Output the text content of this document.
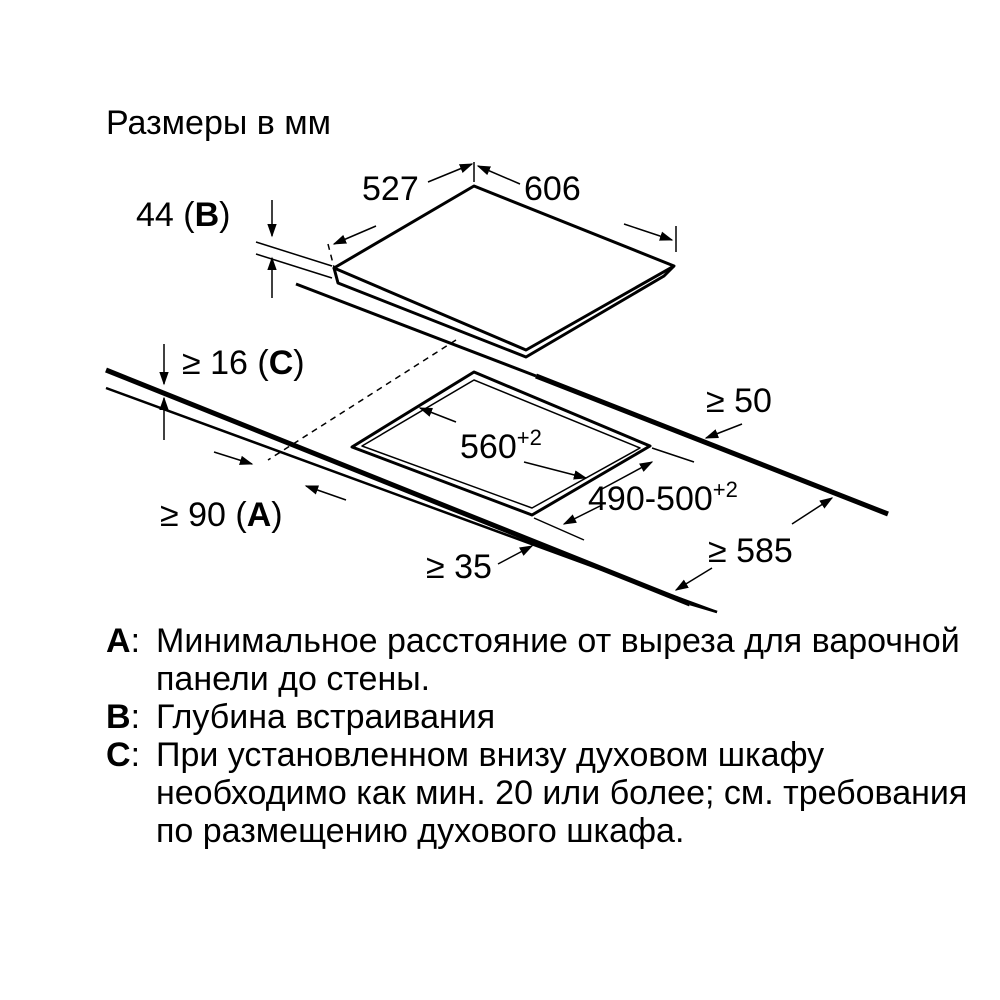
Размеры в мм
527	606
44 (B)
≥ 16 (C)
≥ 50
$560^{+2}$
$490-500^{+2}$
≥ 90 (A)
≥ 35	≥ 585
A: Минимальное расстояние от выреза для варочной панели до стены.
B: Глубина встраивания
C: При установленном внизу духовом шкафу необходимо как мин. 20 или более; см. требования по размещению духового шкафа.
